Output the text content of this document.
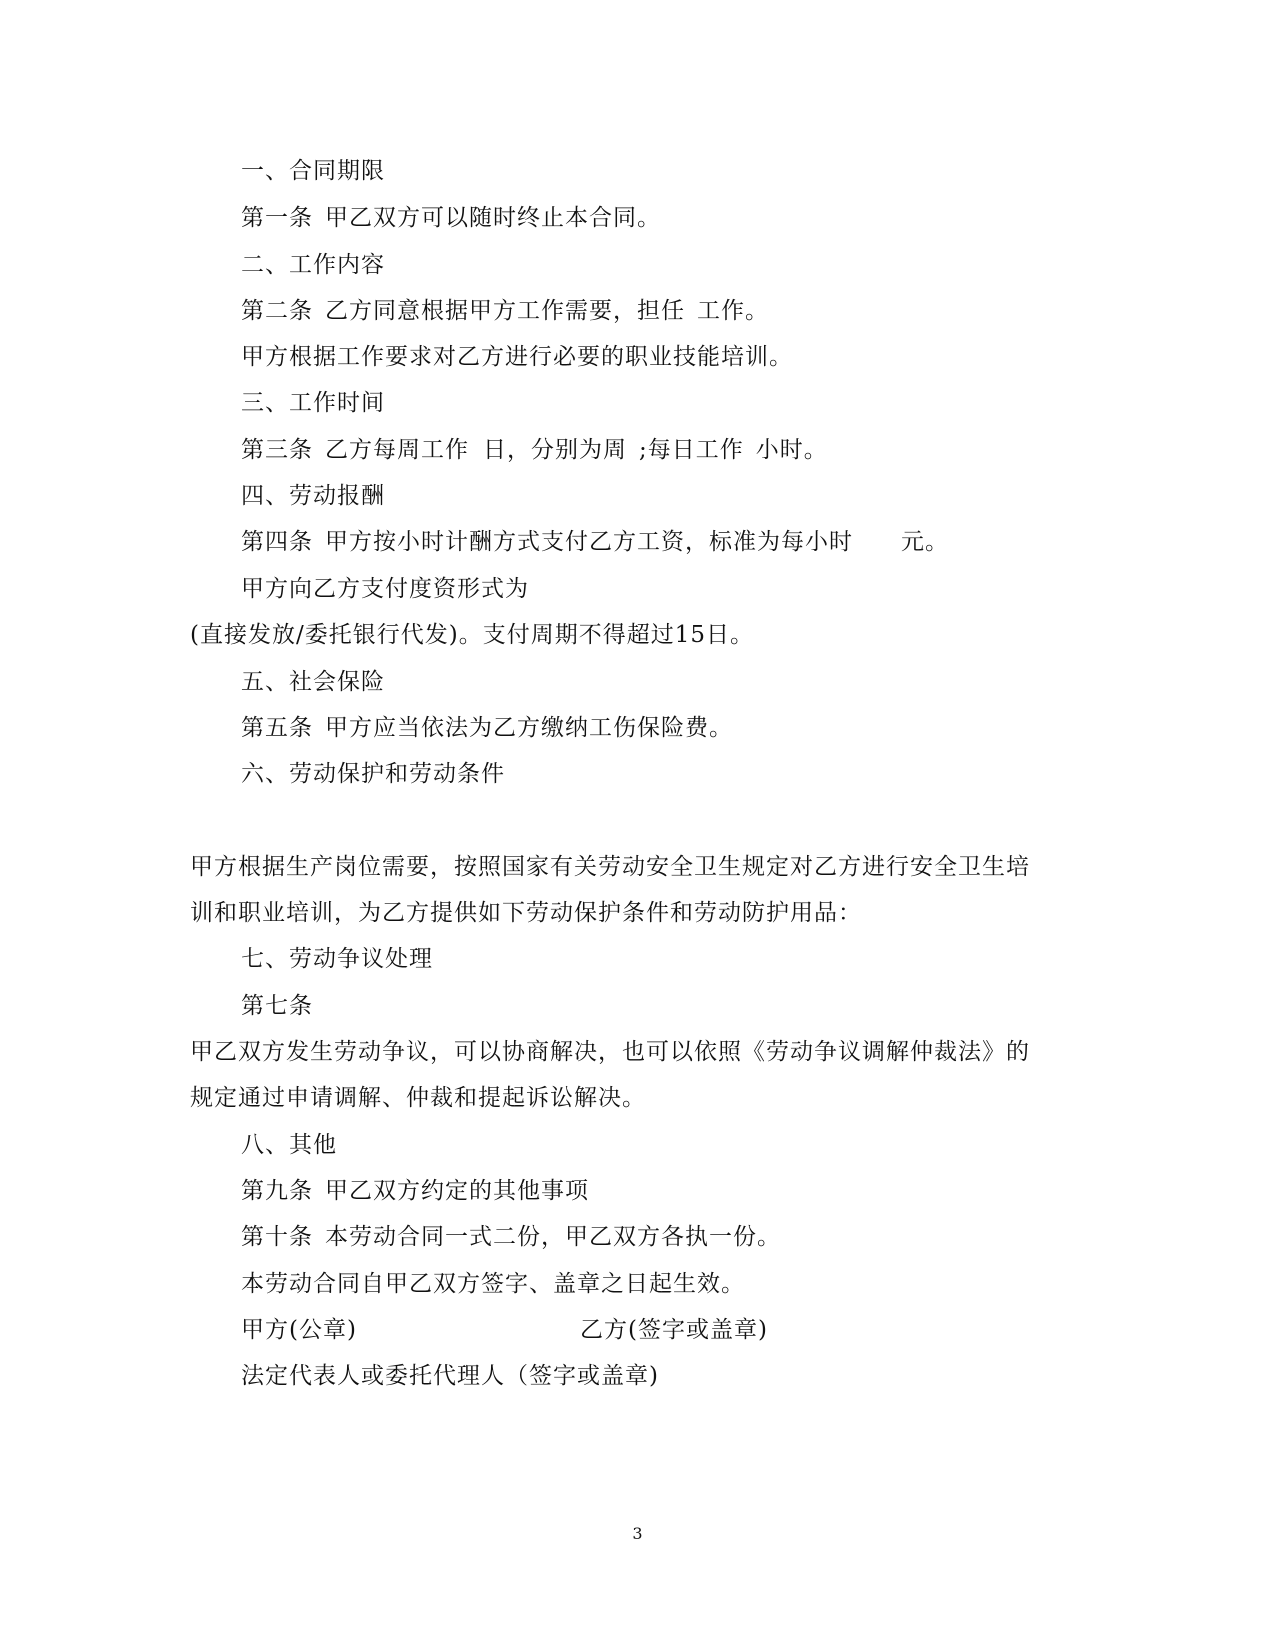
一、合同期限
第一条 甲乙双方可以随时终止本合同。
二、工作内容
第二条 乙方同意根据甲方工作需要，担任 工作。
甲方根据工作要求对乙方进行必要的职业技能培训。
三、工作时间
第三条 乙方每周工作 日，分别为周 ;每日工作 小时。
四、劳动报酬
第四条 甲方按小时计酬方式支付乙方工资，标准为每小时 元。
甲方向乙方支付度资形式为
(直接发放/委托银行代发)。支付周期不得超过15日。
五、社会保险
第五条 甲方应当依法为乙方缴纳工伤保险费。
六、劳动保护和劳动条件
甲方根据生产岗位需要，按照国家有关劳动安全卫生规定对乙方进行安全卫生培
训和职业培训，为乙方提供如下劳动保护条件和劳动防护用品：
七、劳动争议处理
第七条
甲乙双方发生劳动争议，可以协商解决，也可以依照《劳动争议调解仲裁法》的
规定通过申请调解、仲裁和提起诉讼解决。
八、其他
第九条 甲乙双方约定的其他事项
第十条 本劳动合同一式二份，甲乙双方各执一份。
本劳动合同自甲乙双方签字、盖章之日起生效。
甲方(公章)	乙方(签字或盖章)
法定代表人或委托代理人（签字或盖章)
3
